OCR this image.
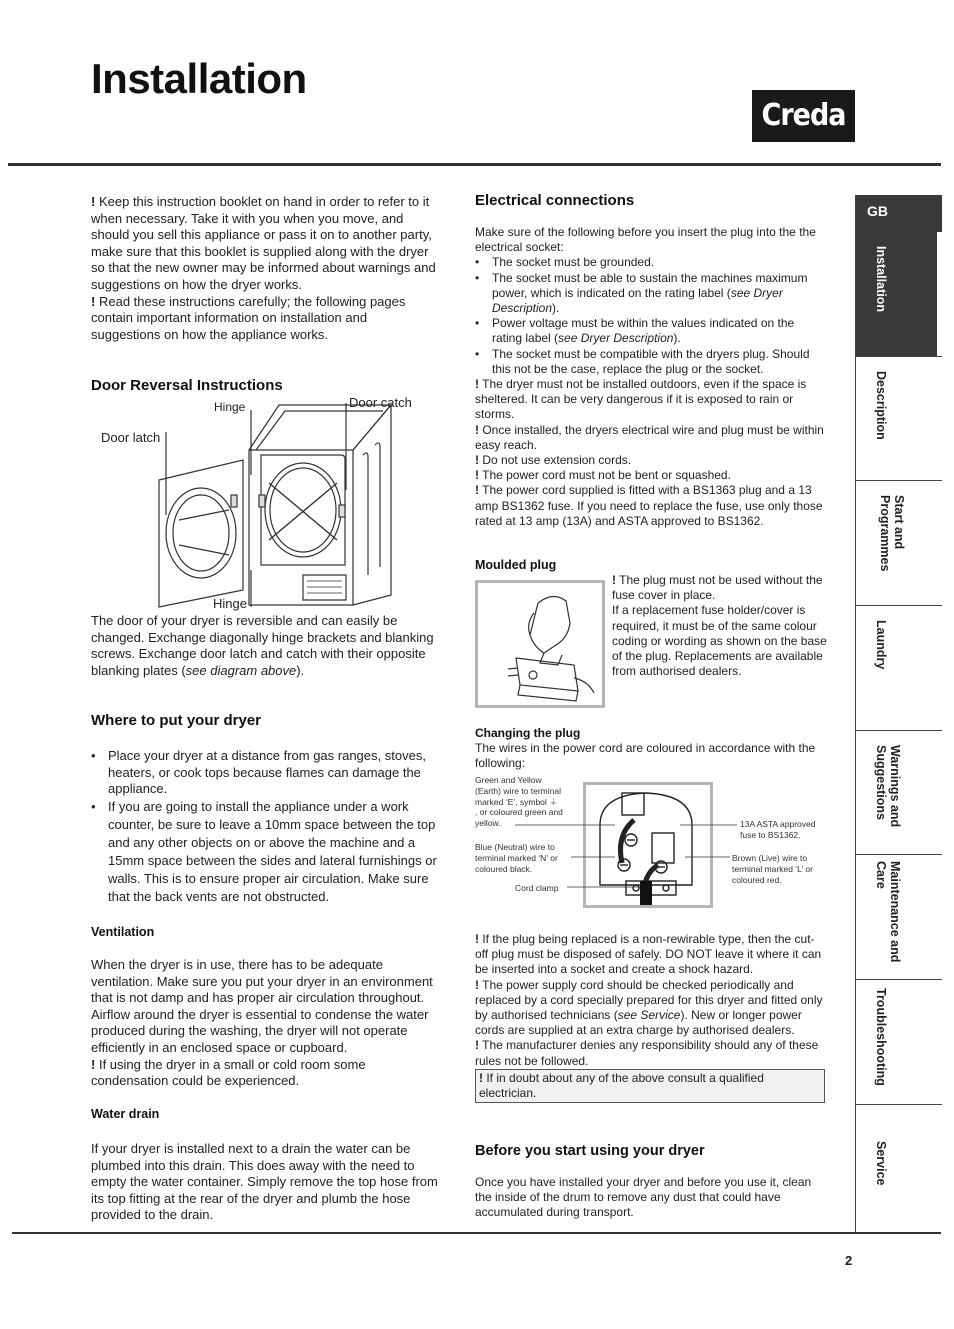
Installation
Creda

! Keep this instruction booklet on hand in order to refer to it when necessary. Take it with you when you move, and should you sell this appliance or pass it on to another party, make sure that this booklet is supplied along with the dryer so that the new owner may be informed about warnings and suggestions on how the dryer works.

! Read these instructions carefully; the following pages contain important information on installation and suggestions on how the appliance works.

Door Reversal Instructions
Hinge	Door catch
Door latch
Hinge

The door of your dryer is reversible and can easily be changed. Exchange diagonally hinge brackets and blanking screws. Exchange door latch and catch with their opposite blanking plates (see diagram above).

Where to put your dryer
• Place your dryer at a distance from gas ranges, stoves, heaters, or cook tops because flames can damage the appliance.
• If you are going to install the appliance under a work counter, be sure to leave a 10mm space between the top and any other objects on or above the machine and a 15mm space between the sides and lateral furnishings or walls. This is to ensure proper air circulation. Make sure that the back vents are not obstructed.
Ventilation

When the dryer is in use, there has to be adequate ventilation. Make sure you put your dryer in an environment that is not damp and has proper air circulation throughout. Airflow around the dryer is essential to condense the water produced during the washing, the dryer will not operate efficiently in an enclosed space or cupboard.

! If using the dryer in a small or cold room some condensation could be experienced.

Water drain

If your dryer is installed next to a drain the water can be plumbed into this drain. This does away with the need to empty the water container. Simply remove the top hose from its top fitting at the rear of the dryer and plumb the hose provided to the drain.

Electrical connections

Make sure of the following before you insert the plug into the the electrical socket:

• The socket must be grounded.
• The socket must be able to sustain the machines maximum power, which is indicated on the rating label (see Dryer Description).
• Power voltage must be within the values indicated on the rating label (see Dryer Description).
• The socket must be compatible with the dryers plug. Should this not be the case, replace the plug or the socket.

! The dryer must not be installed outdoors, even if the space is sheltered. It can be very dangerous if it is exposed to rain or storms.

! Once installed, the dryers electrical wire and plug must be within easy reach.

! Do not use extension cords.

! The power cord must not be bent or squashed.

! The power cord supplied is fitted with a BS1363 plug and a 13 amp BS1362 fuse. If you need to replace the fuse, use only those rated at 13 amp (13A) and ASTA approved to BS1362.

Moulded plug

! The plug must not be used without the fuse cover in place.

If a replacement fuse holder/cover is required, it must be of the same colour coding or wording as shown on the base of the plug. Replacements are available from authorised dealers.

Changing the plug
The wires in the power cord are coloured in accordance with the following:
Green and Yellow
(Earth) wire to terminal
marked ‘E’, symbol ⏚
, or coloured green and
yellow.
Blue (Neutral) wire to
terminal marked ‘N’ or
coloured black.
Cord clamp
13A ASTA approved
fuse to BS1362.
Brown (Live) wire to
terminal marked ‘L’ or
coloured red.

! If the plug being replaced is a non-rewirable type, then the cut-off plug must be disposed of safely. DO NOT leave it where it can be inserted into a socket and create a shock hazard.

! The power supply cord should be checked periodically and replaced by a cord specially prepared for this dryer and fitted only by authorised technicians (see Service). New or longer power cords are supplied at an extra charge by authorised dealers.

! The manufacturer denies any responsibility should any of these rules not be followed.

! If in doubt about any of the above consult a qualified electrician.

Before you start using your dryer
Once you have installed your dryer and before you use it, clean the inside of the drum to remove any dust that could have accumulated during transport.
GB
Installation
Description
Start and Programmes
Laundry
Warnings and Suggestions
Maintenance and Care
Troubleshooting
Service
2
